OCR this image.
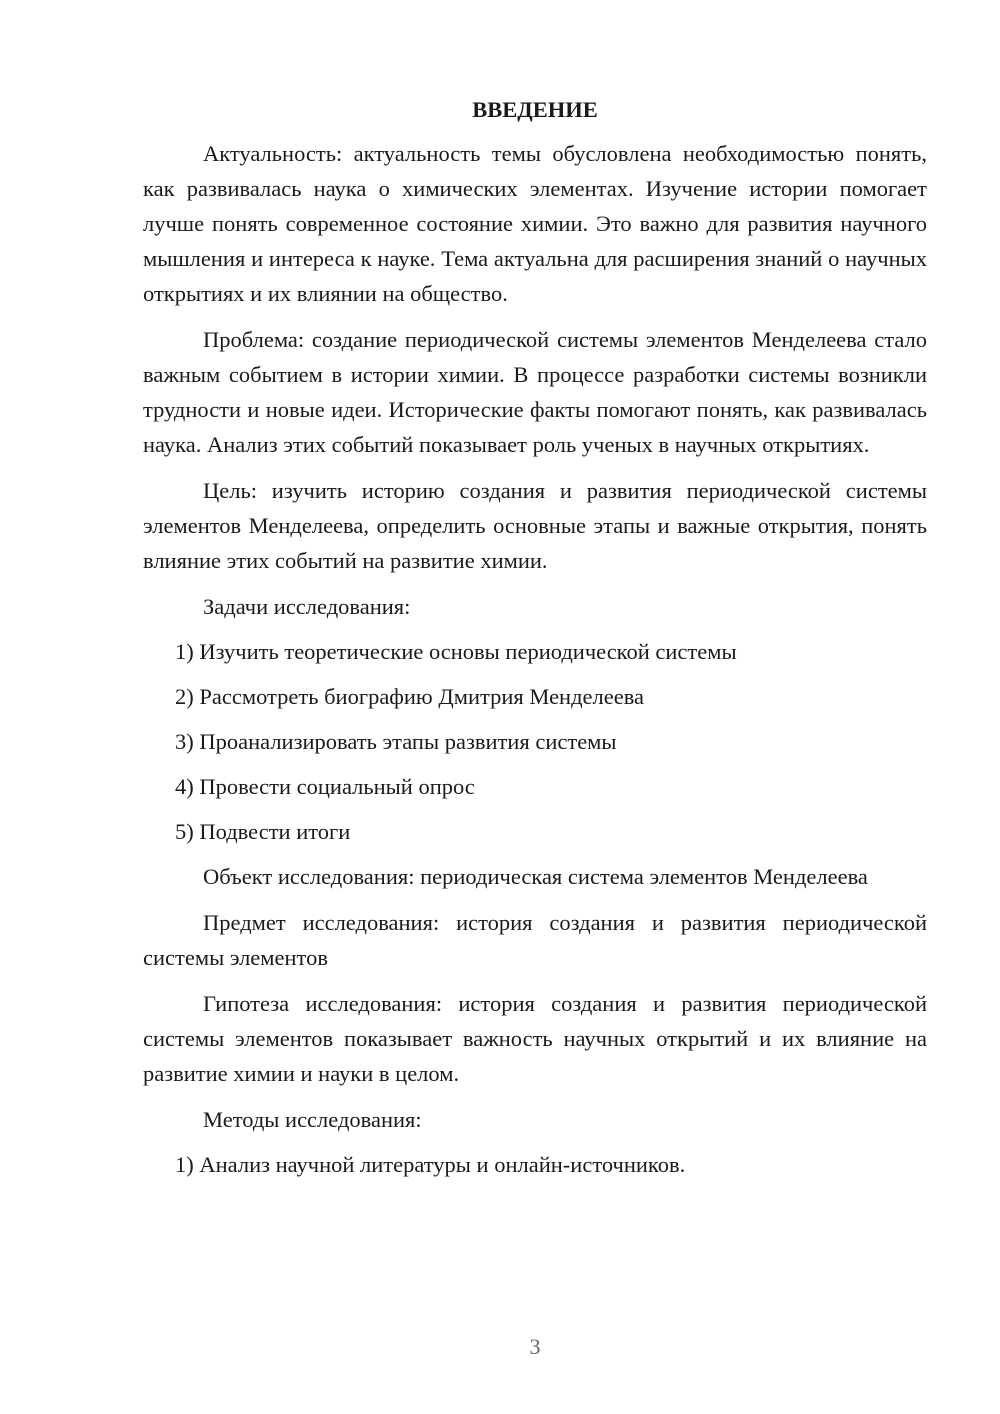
ВВЕДЕНИЕ

Актуальность: актуальность темы обусловлена необходимостью понять, как развивалась наука о химических элементах. Изучение истории помогает лучше понять современное состояние химии. Это важно для развития научного мышления и интереса к науке. Тема актуальна для расширения знаний о научных открытиях и их влиянии на общество.

Проблема: создание периодической системы элементов Менделеева стало важным событием в истории химии. В процессе разработки системы возникли трудности и новые идеи. Исторические факты помогают понять, как развивалась наука. Анализ этих событий показывает роль ученых в научных открытиях.

Цель: изучить историю создания и развития периодической системы элементов Менделеева, определить основные этапы и важные открытия, понять влияние этих событий на развитие химии.

Задачи исследования:

1) Изучить теоретические основы периодической системы

2) Рассмотреть биографию Дмитрия Менделеева

3) Проанализировать этапы развития системы

4) Провести социальный опрос

5) Подвести итоги

Объект исследования: периодическая система элементов Менделеева

Предмет исследования: история создания и развития периодической системы элементов

Гипотеза исследования: история создания и развития периодической системы элементов показывает важность научных открытий и их влияние на развитие химии и науки в целом.

Методы исследования:

1) Анализ научной литературы и онлайн-источников.

3
